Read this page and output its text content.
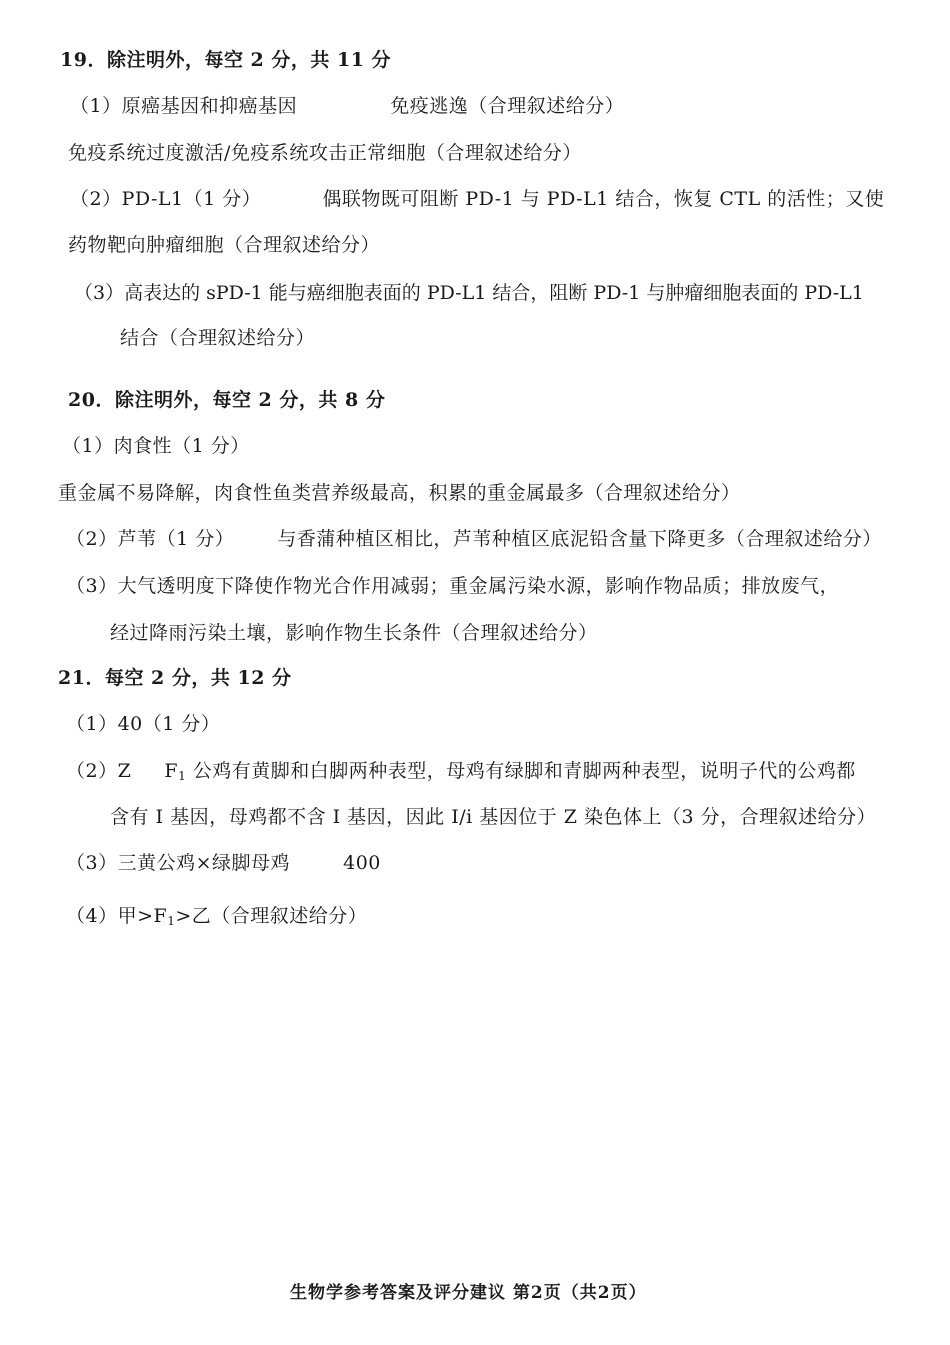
19．除注明外，每空 2 分，共 11 分
（1）原癌基因和抑癌基因	免疫逃逸（合理叙述给分）
免疫系统过度激活/免疫系统攻击正常细胞（合理叙述给分）
（2）PD-L1（1 分）	偶联物既可阻断 PD-1 与 PD-L1 结合，恢复 CTL 的活性；又使
药物靶向肿瘤细胞（合理叙述给分）
（3）高表达的 sPD-1 能与癌细胞表面的 PD-L1 结合，阻断 PD-1 与肿瘤细胞表面的 PD-L1
结合（合理叙述给分）
20．除注明外，每空 2 分，共 8 分
（1）肉食性（1 分）
重金属不易降解，肉食性鱼类营养级最高，积累的重金属最多（合理叙述给分）
（2）芦苇（1 分） 与香蒲种植区相比，芦苇种植区底泥铅含量下降更多（合理叙述给分）
（3）大气透明度下降使作物光合作用减弱；重金属污染水源，影响作物品质；排放废气，
经过降雨污染土壤，影响作物生长条件（合理叙述给分）
21．每空 2 分，共 12 分
（1）40（1 分）
（2）Z $F_1$ 公鸡有黄脚和白脚两种表型，母鸡有绿脚和青脚两种表型，说明子代的公鸡都
含有 I 基因，母鸡都不含 I 基因，因此 I/i 基因位于 Z 染色体上（3 分，合理叙述给分）
（3）三黄公鸡×绿脚母鸡	400
（4）甲$>F_1>$乙（合理叙述给分）
生物学参考答案及评分建议 第2页（共2页）
